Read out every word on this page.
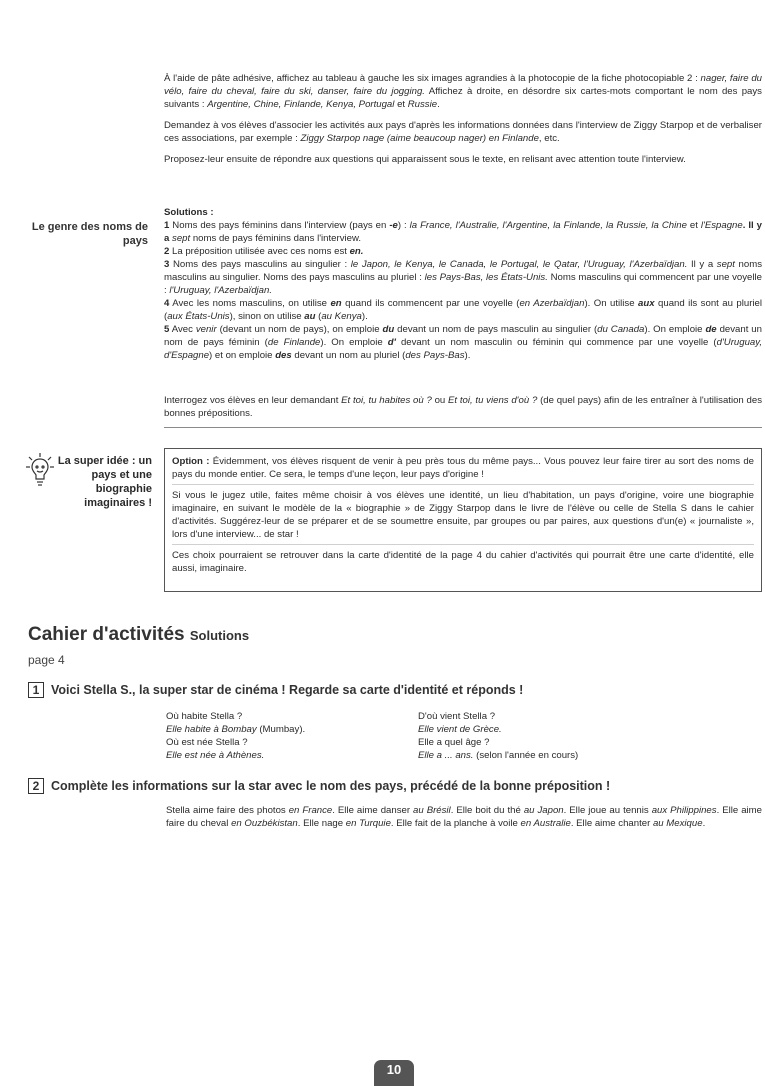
À l'aide de pâte adhésive, affichez au tableau à gauche les six images agrandies à la photocopie de la fiche photocopiable 2 : nager, faire du vélo, faire du cheval, faire du ski, danser, faire du jogging. Affichez à droite, en désordre six cartes-mots comportant le nom des pays suivants : Argentine, Chine, Finlande, Kenya, Portugal et Russie.

Demandez à vos élèves d'associer les activités aux pays d'après les informations données dans l'interview de Ziggy Starpop et de verbaliser ces associations, par exemple : Ziggy Starpop nage (aime beaucoup nager) en Finlande, etc.

Proposez-leur ensuite de répondre aux questions qui apparaissent sous le texte, en relisant avec attention toute l'interview.

Le genre des noms de pays

Solutions :

1 Noms des pays féminins dans l'interview (pays en -e) : la France, l'Australie, l'Argentine, la Finlande, la Russie, la Chine et l'Espagne. Il y a sept noms de pays féminins dans l'interview.

2 La préposition utilisée avec ces noms est en.

3 Noms des pays masculins au singulier : le Japon, le Kenya, le Canada, le Portugal, le Qatar, l'Uruguay, l'Azerbaïdjan. Il y a sept noms masculins au singulier. Noms des pays masculins au pluriel : les Pays-Bas, les États-Unis. Noms masculins qui commencent par une voyelle : l'Uruguay, l'Azerbaïdjan.

4 Avec les noms masculins, on utilise en quand ils commencent par une voyelle (en Azerbaïdjan). On utilise aux quand ils sont au pluriel (aux États-Unis), sinon on utilise au (au Kenya).

5 Avec venir (devant un nom de pays), on emploie du devant un nom de pays masculin au singulier (du Canada). On emploie de devant un nom de pays féminin (de Finlande). On emploie d' devant un nom masculin ou féminin qui commence par une voyelle (d'Uruguay, d'Espagne) et on emploie des devant un nom au pluriel (des Pays-Bas).

Interrogez vos élèves en leur demandant Et toi, tu habites où ? ou Et toi, tu viens d'où ? (de quel pays) afin de les entraîner à l'utilisation des bonnes prépositions.

La super idée : un pays et une biographie imaginaires !

Option : Évidemment, vos élèves risquent de venir à peu près tous du même pays... Vous pouvez leur faire tirer au sort des noms de pays du monde entier. Ce sera, le temps d'une leçon, leur pays d'origine !

Si vous le jugez utile, faites même choisir à vos élèves une identité, un lieu d'habitation, un pays d'origine, voire une biographie imaginaire, en suivant le modèle de la « biographie » de Ziggy Starpop dans le livre de l'élève ou celle de Stella S dans le cahier d'activités. Suggérez-leur de se préparer et de se soumettre ensuite, par groupes ou par paires, aux questions d'un(e) « journaliste », lors d'une interview... de star !

Ces choix pourraient se retrouver dans la carte d'identité de la page 4 du cahier d'activités qui pourrait être une carte d'identité, elle aussi, imaginaire.

Cahier d'activités Solutions
page 4
1 Voici Stella S., la super star de cinéma ! Regarde sa carte d'identité et réponds !
Où habite Stella ?
Elle habite à Bombay (Mumbay).
Où est née Stella ?
Elle est née à Athènes.
D'où vient Stella ?
Elle vient de Grèce.
Elle a quel âge ?
Elle a ... ans. (selon l'année en cours)
2 Complète les informations sur la star avec le nom des pays, précédé de la bonne préposition !

Stella aime faire des photos en France. Elle aime danser au Brésil. Elle boit du thé au Japon. Elle joue au tennis aux Philippines. Elle aime faire du cheval en Ouzbékistan. Elle nage en Turquie. Elle fait de la planche à voile en Australie. Elle aime chanter au Mexique.

10
